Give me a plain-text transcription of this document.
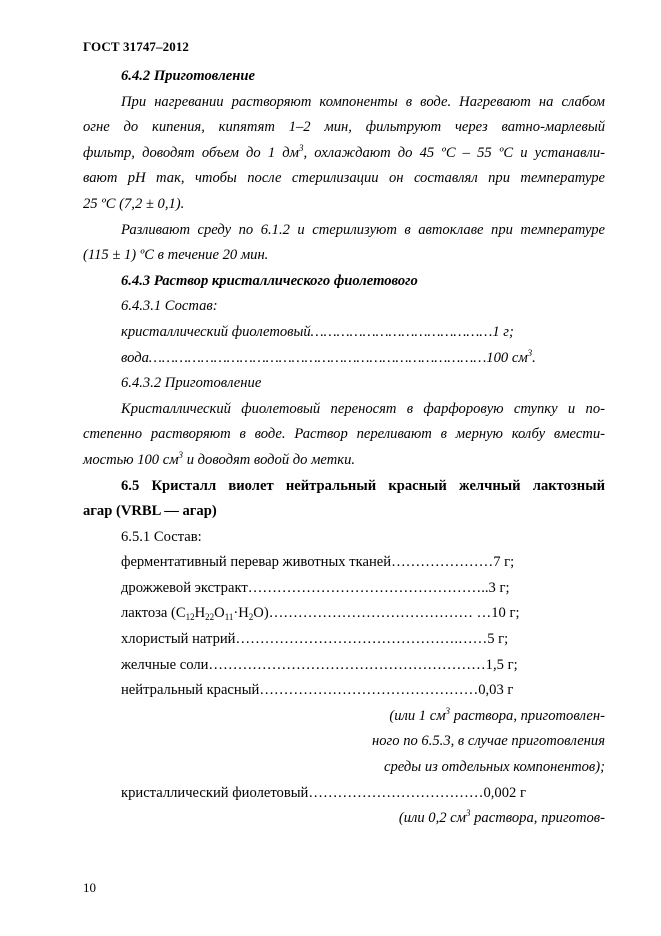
ГОСТ 31747–2012

6.4.2 Приготовление

При нагревании растворяют компоненты в воде. Нагревают на слабом

огне до кипения, кипятят 1–2 мин, фильтруют через ватно-марлевый

фильтр, доводят объем до 1 $дм^3$, охлаждают до 45 ºС – 55 ºС и устанавли-

вают рН так, чтобы после стерилизации он составлял при температуре

25 ºС (7,2 ± 0,1).

Разливают среду по 6.1.2 и стерилизуют в автоклаве при температуре

(115 ± 1) ºС в течение 20 мин.

6.4.3 Раствор кристаллического фиолетового

6.4.3.1 Состав:

кристаллический фиолетовый……………………………………1 г;

вода……………………………………………………………………100 $см^3$.

6.4.3.2 Приготовление

Кристаллический фиолетовый переносят в фарфоровую ступку и по-

степенно растворяют в воде. Раствор переливают в мерную колбу вмести-

мостью 100 $см^3$ и доводят водой до метки.

6.5 Кристалл виолет нейтральный красный желчный лактозный

агар (VRBL — агар)

6.5.1 Состав:

ферментативный перевар животных тканей…………………7 г;

дрожжевой экстракт…………………………………………..3 г;

лактоза $(С_{12}Н_{22}О_{11}\cdot Н_2О)\dots\dots\dots\dots\dots\dots\dots\dots\dots\dots\dots\dots\dots\dots$ …10 г;

хлористый натрий……………………………………….……5 г;

желчные соли…………………………………………………1,5 г;

нейтральный красный………………………………………0,03 г

(или 1 $см^3$ раствора, приготовлен-

ного по 6.5.3, в случае приготовления

среды из отдельных компонентов);

кристаллический фиолетовый………………………………0,002 г

(или 0,2 $см^3$ раствора, приготов-

10
